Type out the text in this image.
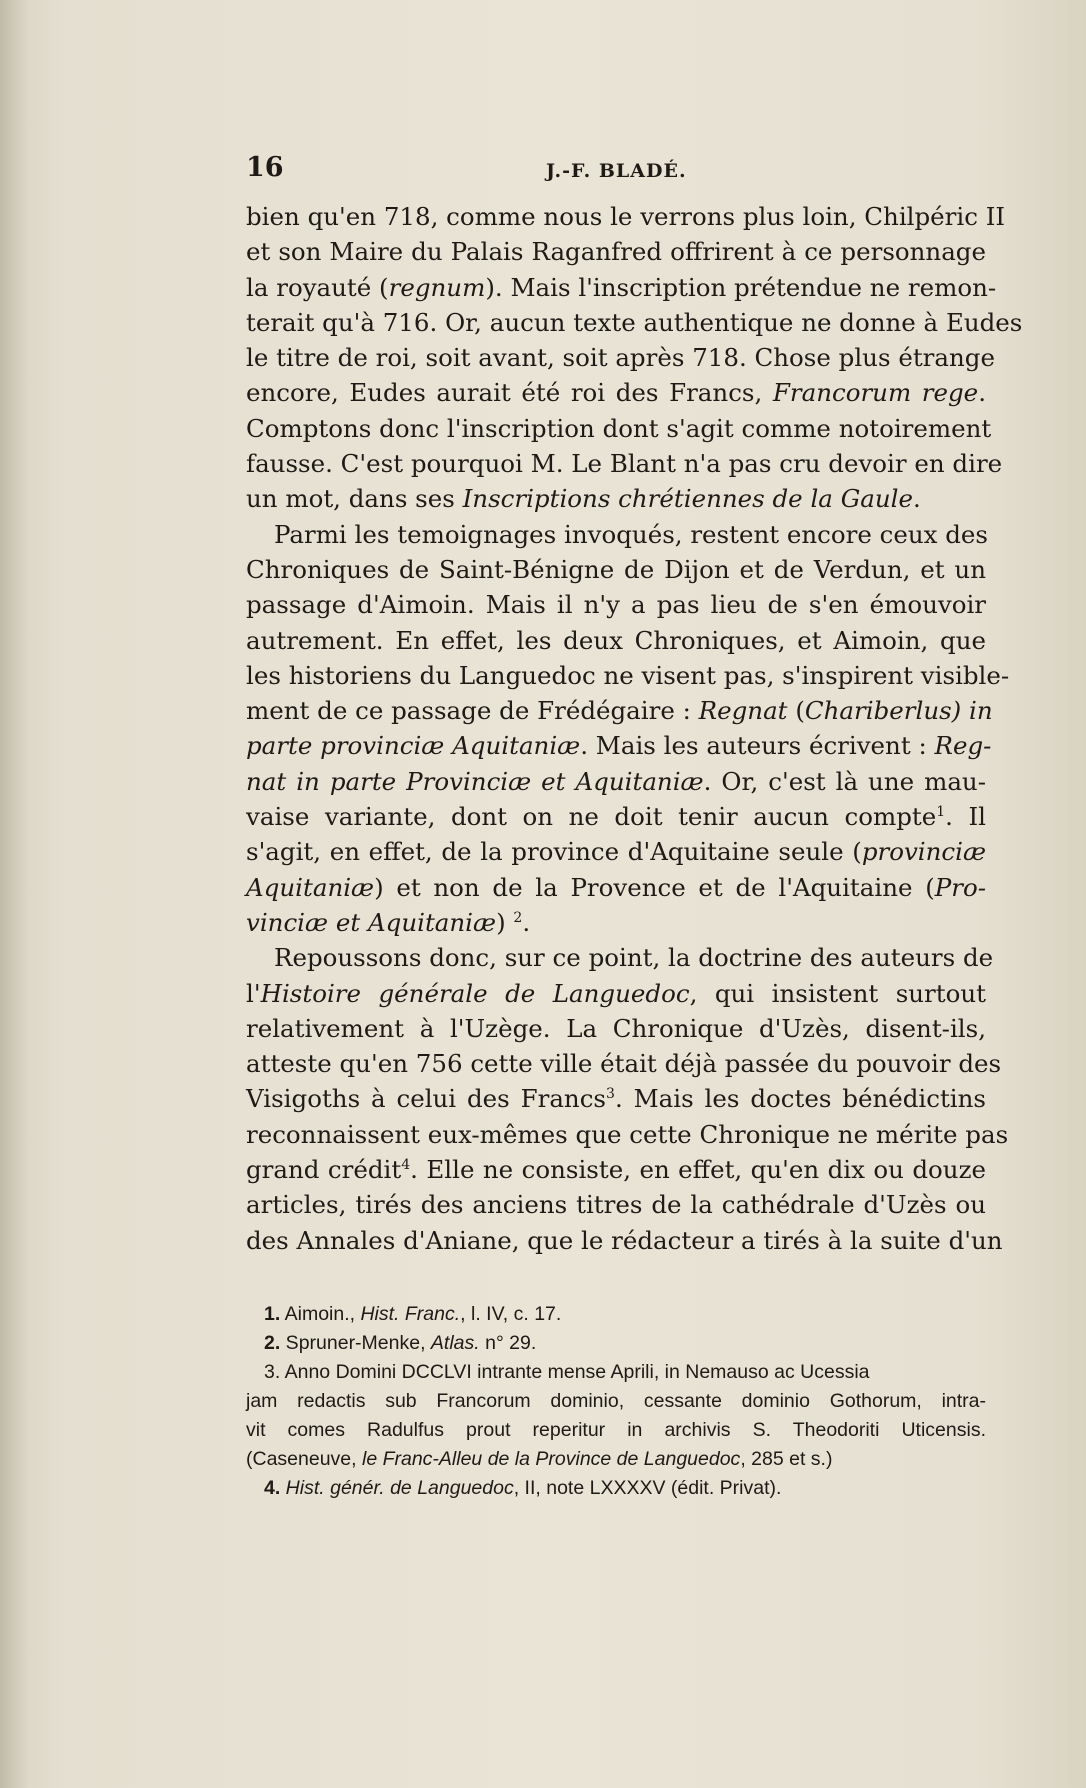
16	J.-F. BLADÉ.
bien qu'en 718, comme nous le verrons plus loin, Chilpéric II
et son Maire du Palais Raganfred offrirent à ce personnage
la royauté (regnum). Mais l'inscription prétendue ne remon-
terait qu'à 716. Or, aucun texte authentique ne donne à Eudes
le titre de roi, soit avant, soit après 718. Chose plus étrange
encore, Eudes aurait été roi des Francs, Francorum rege.
Comptons donc l'inscription dont s'agit comme notoirement
fausse. C'est pourquoi M. Le Blant n'a pas cru devoir en dire
un mot, dans ses Inscriptions chrétiennes de la Gaule.
Parmi les temoignages invoqués, restent encore ceux des
Chroniques de Saint-Bénigne de Dijon et de Verdun, et un
passage d'Aimoin. Mais il n'y a pas lieu de s'en émouvoir
autrement. En effet, les deux Chroniques, et Aimoin, que
les historiens du Languedoc ne visent pas, s'inspirent visible-
ment de ce passage de Frédégaire : Regnat (Chariberlus) in
parte provinciæ Aquitaniæ. Mais les auteurs écrivent : Reg-
nat in parte Provinciæ et Aquitaniæ. Or, c'est là une mau-
vaise variante, dont on ne doit tenir aucun compte$^1$. Il
s'agit, en effet, de la province d'Aquitaine seule (provinciæ
Aquitaniæ) et non de la Provence et de l'Aquitaine (Pro-
vinciæ et Aquitaniæ) $^2$.
Repoussons donc, sur ce point, la doctrine des auteurs de
l'Histoire générale de Languedoc, qui insistent surtout
relativement à l'Uzège. La Chronique d'Uzès, disent-ils,
atteste qu'en 756 cette ville était déjà passée du pouvoir des
Visigoths à celui des Francs$^3$. Mais les doctes bénédictins
reconnaissent eux-mêmes que cette Chronique ne mérite pas
grand crédit$^4$. Elle ne consiste, en effet, qu'en dix ou douze
articles, tirés des anciens titres de la cathédrale d'Uzès ou
des Annales d'Aniane, que le rédacteur a tirés à la suite d'un
1. Aimoin., Hist. Franc., l. IV, c. 17.
2. Spruner-Menke, Atlas. n° 29.
3. Anno Domini DCCLVI intrante mense Aprili, in Nemauso ac Ucessia
jam redactis sub Francorum dominio, cessante dominio Gothorum, intra-
vit comes Radulfus prout reperitur in archivis S. Theodoriti Uticensis.
(Caseneuve, le Franc-Alleu de la Province de Languedoc, 285 et s.)
4. Hist. génér. de Languedoc, II, note LXXXXV (édit. Privat).
